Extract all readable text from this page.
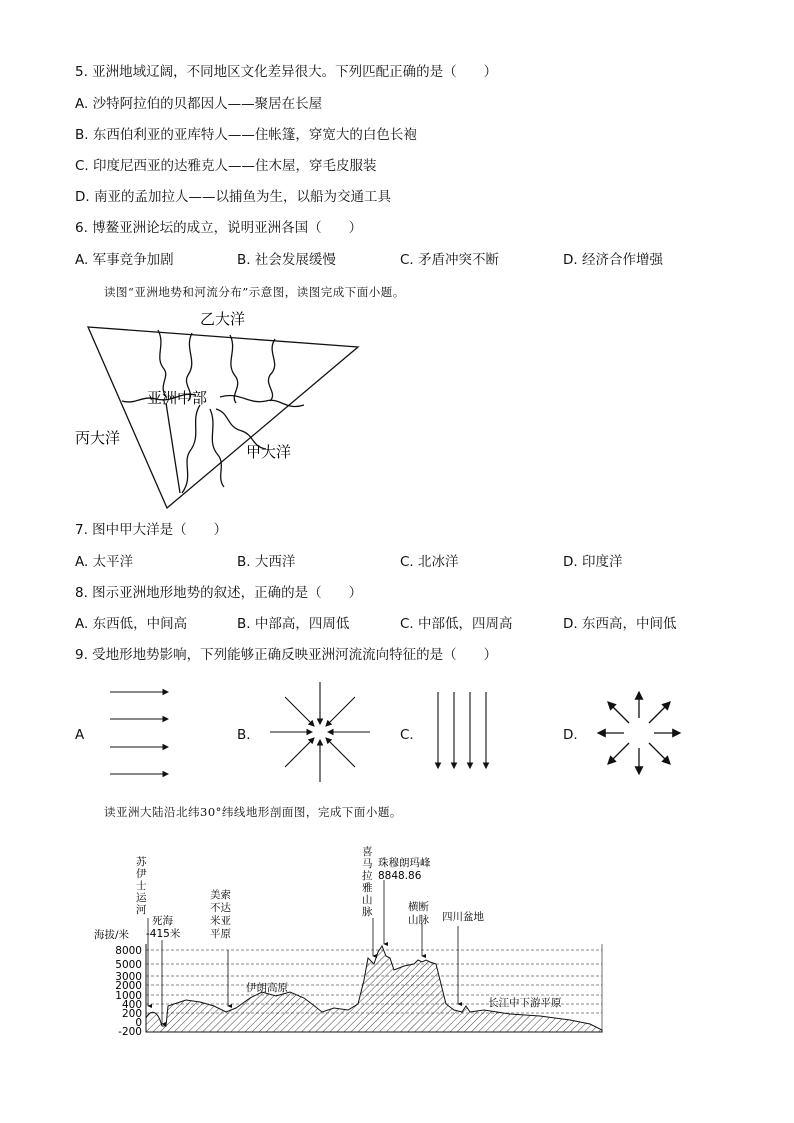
5. 亚洲地域辽阔，不同地区文化差异很大。下列匹配正确的是（　　）
A. 沙特阿拉伯的贝都因人——聚居在长屋
B. 东西伯利亚的亚库特人——住帐篷，穿宽大的白色长袍
C. 印度尼西亚的达雅克人——住木屋，穿毛皮服装
D. 南亚的孟加拉人——以捕鱼为生，以船为交通工具
6. 博鳌亚洲论坛的成立，说明亚洲各国（　　）
A. 军事竞争加剧	B. 社会发展缓慢	C. 矛盾冲突不断	D. 经济合作增强
读图“亚洲地势和河流分布”示意图，读图完成下面小题。
乙大洋
亚洲中部
丙大洋
甲大洋
7. 图中甲大洋是（　　）
A. 太平洋	B. 大西洋	C. 北冰洋	D. 印度洋
8. 图示亚洲地形地势的叙述，正确的是（　　）
A. 东西低，中间高	B. 中部高，四周低	C. 中部低，四周高	D. 东西高，中间低
9. 受地形地势影响，下列能够正确反映亚洲河流流向特征的是（　　）
A	B.	C.	D.
读亚洲大陆沿北纬30°纬线地形剖面图，完成下面小题。
8000
5000
3000
2000
1000
400
200
0
-200
海拔/米
苏
伊
士
运
河
美索
不达
米亚
平原
喜
马
拉
雅
山
脉	横断
山脉
死海
-415米
珠穆朗玛峰
8848.86
四川盆地
伊朗高原
长江中下游平原
